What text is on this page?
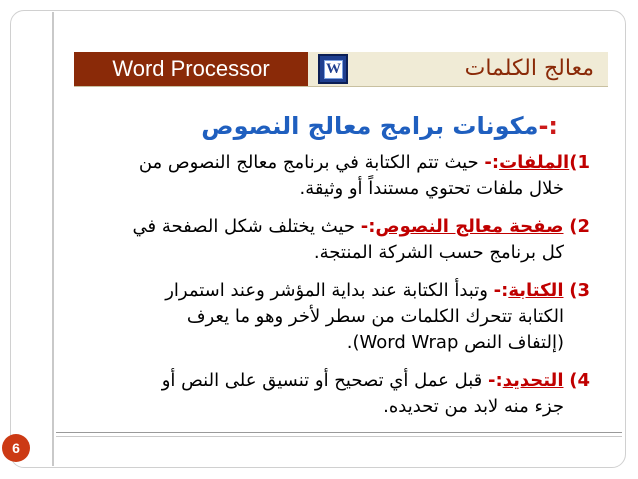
Word Processor	W	معالج الكلمات
:-مكونات برامج معالج النصوص
1)الملفات:- حيث تتم الكتابة في برنامج معالج النصوص من
خلال ملفات تحتوي مستنداً أو وثيقة.
2) صفحة معالج النصوص:- حيث يختلف شكل الصفحة في
كل برنامج حسب الشركة المنتجة.
3) الكتابة:- وتبدأ الكتابة عند بداية المؤشر وعند استمرار
الكتابة تتحرك الكلمات من سطر لأخر وهو ما يعرف
(إلتفاف النص Word Wrap).
4) التحديد:- قبل عمل أي تصحيح أو تنسيق على النص أو
جزء منه لابد من تحديده.
6
